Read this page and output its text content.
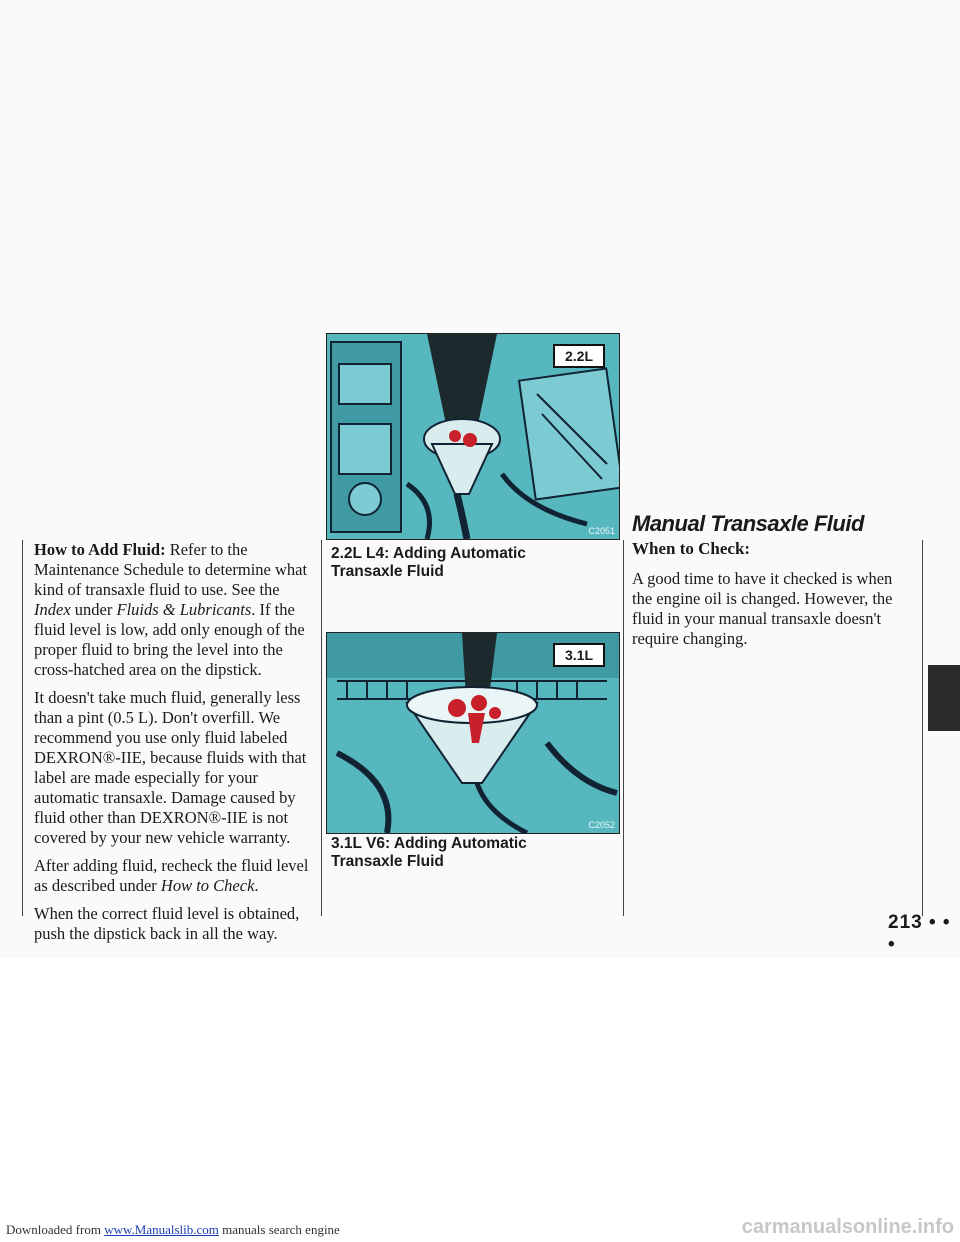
How to Add Fluid: Refer to the Maintenance Schedule to determine what kind of transaxle fluid to use. See the Index under Fluids & Lubricants. If the fluid level is low, add only enough of the proper fluid to bring the level into the cross-hatched area on the dipstick.

It doesn't take much fluid, generally less than a pint (0.5 L). Don't overfill. We recommend you use only fluid labeled DEXRON®-IIE, because fluids with that label are made especially for your automatic transaxle. Damage caused by fluid other than DEXRON®-IIE is not covered by your new vehicle warranty.

After adding fluid, recheck the fluid level as described under How to Check.

When the correct fluid level is obtained, push the dipstick back in all the way.

2.2L
C2051
2.2L L4: Adding Automatic Transaxle Fluid
3.1L
C2052
3.1L V6: Adding Automatic Transaxle Fluid
Manual Transaxle Fluid
When to Check:

A good time to have it checked is when the engine oil is changed. However, the fluid in your manual transaxle doesn't require changing.

213 • • •
Downloaded from www.Manualslib.com manuals search engine	carmanualsonline.info
